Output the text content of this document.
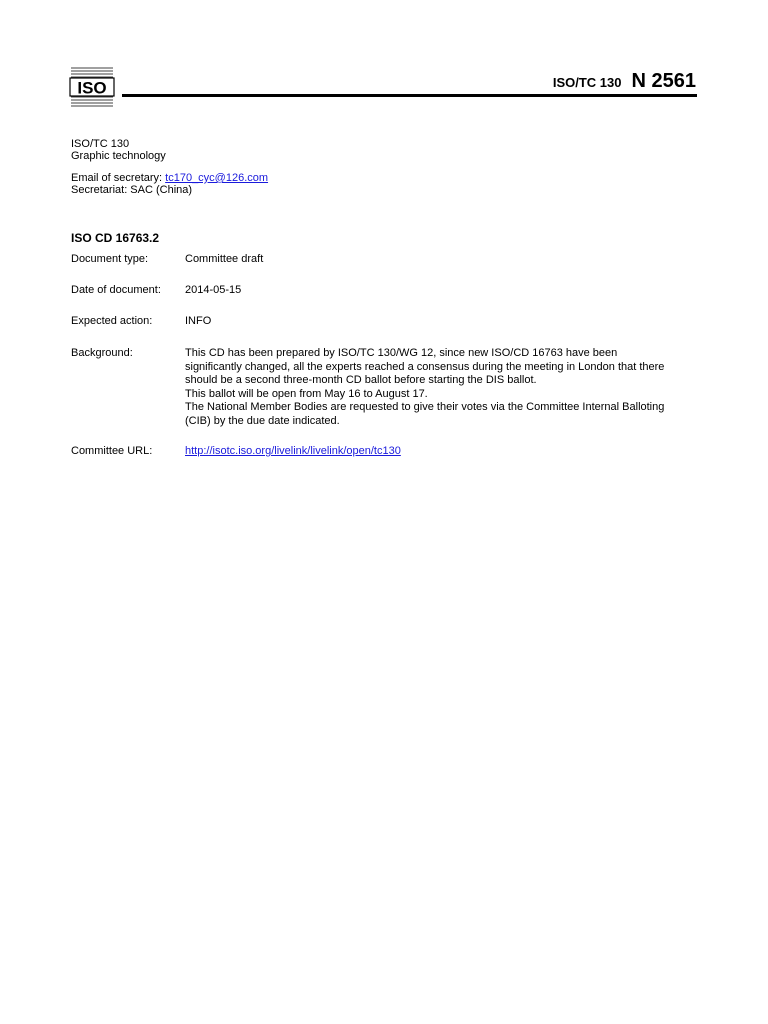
ISO	ISO/TC 130 N 2561
ISO/TC 130
Graphic technology
Email of secretary: tc170_cyc@126.com
Secretariat: SAC (China)
ISO CD 16763.2
Document type:	Committee draft
Date of document:	2014-05-15
Expected action:	INFO
Background:	This CD has been prepared by ISO/TC 130/WG 12, since new ISO/CD 16763 have been
significantly changed, all the experts reached a consensus during the meeting in London that there
should be a second three-month CD ballot before starting the DIS ballot.
This ballot will be open from May 16 to August 17.
The National Member Bodies are requested to give their votes via the Committee Internal Balloting
(CIB) by the due date indicated.
Committee URL:	http://isotc.iso.org/livelink/livelink/open/tc130
